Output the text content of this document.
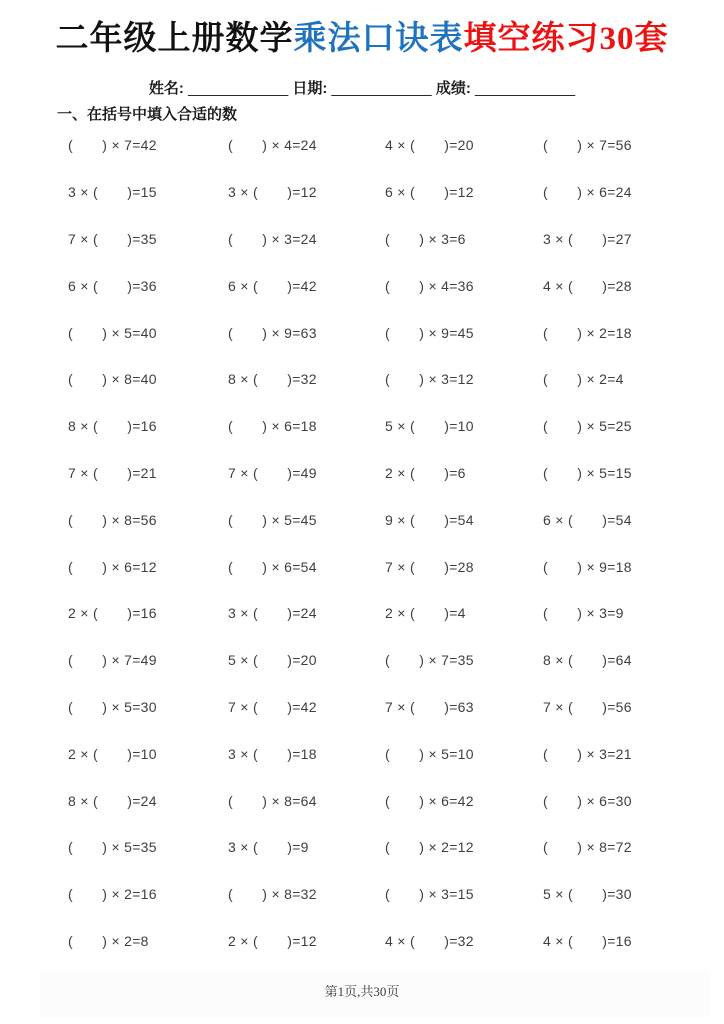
二年级上册数学乘法口诀表填空练习30套
姓名: ____________ 日期: ____________ 成绩: ____________
一、在括号中填入合适的数
(       ) × 7=42	(       ) × 4=24	4 × (       )=20	(       ) × 7=56
3 × (       )=15	3 × (       )=12	6 × (       )=12	(       ) × 6=24
7 × (       )=35	(       ) × 3=24	(       ) × 3=6	3 × (       )=27
6 × (       )=36	6 × (       )=42	(       ) × 4=36	4 × (       )=28
(       ) × 5=40	(       ) × 9=63	(       ) × 9=45	(       ) × 2=18
(       ) × 8=40	8 × (       )=32	(       ) × 3=12	(       ) × 2=4
8 × (       )=16	(       ) × 6=18	5 × (       )=10	(       ) × 5=25
7 × (       )=21	7 × (       )=49	2 × (       )=6	(       ) × 5=15
(       ) × 8=56	(       ) × 5=45	9 × (       )=54	6 × (       )=54
(       ) × 6=12	(       ) × 6=54	7 × (       )=28	(       ) × 9=18
2 × (       )=16	3 × (       )=24	2 × (       )=4	(       ) × 3=9
(       ) × 7=49	5 × (       )=20	(       ) × 7=35	8 × (       )=64
(       ) × 5=30	7 × (       )=42	7 × (       )=63	7 × (       )=56
2 × (       )=10	3 × (       )=18	(       ) × 5=10	(       ) × 3=21
8 × (       )=24	(       ) × 8=64	(       ) × 6=42	(       ) × 6=30
(       ) × 5=35	3 × (       )=9	(       ) × 2=12	(       ) × 8=72
(       ) × 2=16	(       ) × 8=32	(       ) × 3=15	5 × (       )=30
(       ) × 2=8	2 × (       )=12	4 × (       )=32	4 × (       )=16
第1页,共30页
